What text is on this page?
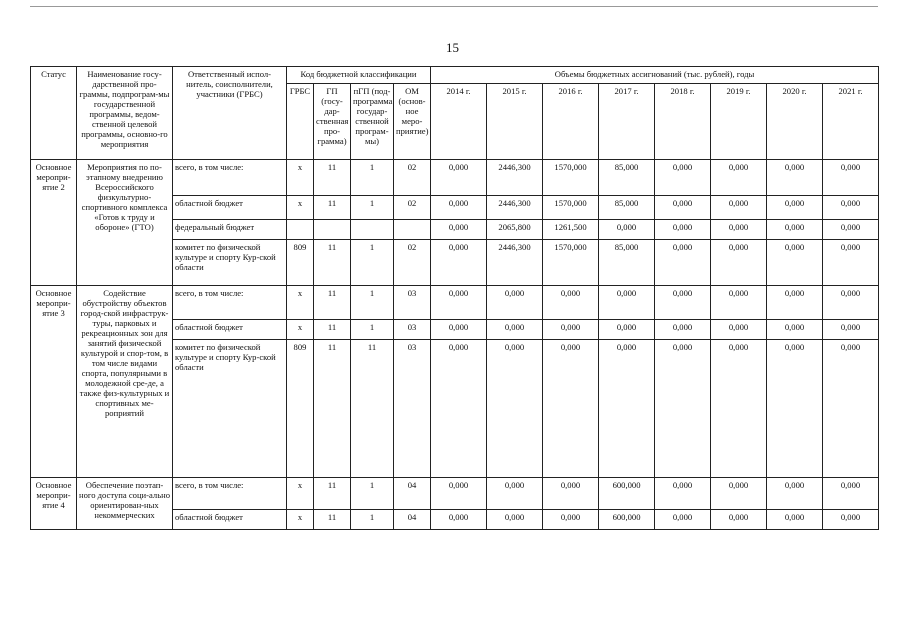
15
Статус	Наименование госу-дарственной про-граммы, подпрограм-мы государственной программы, ведом-ственной целевой программы, основно-го мероприятия	Ответственный испол-нитель, соисполнители, участники (ГРБС)	Код бюджетной классификации				Объемы бюджетных ассигнований (тыс. рублей), годы							
			ГРБС	ГП (госу-дар-ственная про-грамма)	пГП (под-программа государ-ственной програм-мы)	ОМ (основ-ное меро-приятие)	2014 г.	2015 г.	2016 г.	2017 г.	2018 г.	2019 г.	2020 г.	2021 г.
Основное меропри-ятие 2	Мероприятия по по-этапному внедрению Всероссийского физкультурно-спортивного комплекса «Готов к труду и обороне» (ГТО)	всего, в том числе:	х	11	1	02	0,000	2446,300	1570,000	85,000	0,000	0,000	0,000	0,000
		областной бюджет	х	11	1	02	0,000	2446,300	1570,000	85,000	0,000	0,000	0,000	0,000
		федеральный бюджет					0,000	2065,800	1261,500	0,000	0,000	0,000	0,000	0,000
		комитет по физической культуре и спорту Кур-ской области	809	11	1	02	0,000	2446,300	1570,000	85,000	0,000	0,000	0,000	0,000
Основное меропри-ятие 3	Содействие обустройству объектов город-ской инфраструк-туры, парковых и рекреационных зон для занятий физической культурой и спор-том, в том числе видами спорта, популярными в молодежной сре-де, а также физ-культурных и спортивных ме-роприятий	всего, в том числе:	х	11	1	03	0,000	0,000	0,000	0,000	0,000	0,000	0,000	0,000
		областной бюджет	х	11	1	03	0,000	0,000	0,000	0,000	0,000	0,000	0,000	0,000
		комитет по физической культуре и спорту Кур-ской области	809	11	11	03	0,000	0,000	0,000	0,000	0,000	0,000	0,000	0,000
Основное меропри-ятие 4	Обеспечение поэтап-ного доступа соци-ально ориентирован-ных некоммерческих	всего, в том числе:	х	11	1	04	0,000	0,000	0,000	600,000	0,000	0,000	0,000	0,000
		областной бюджет	х	11	1	04	0,000	0,000	0,000	600,000	0,000	0,000	0,000	0,000
